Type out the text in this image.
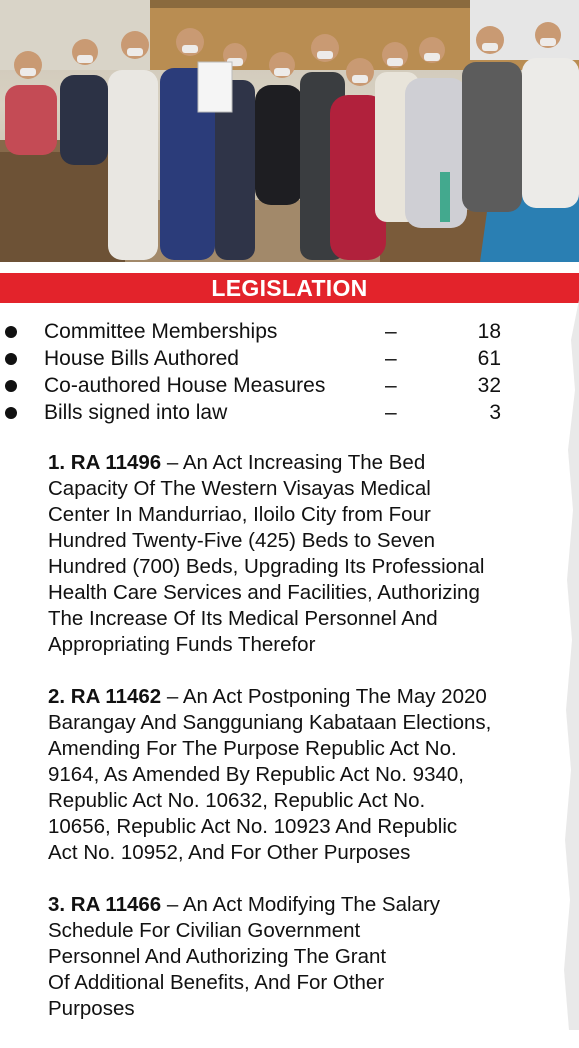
LEGISLATION
Committee Memberships	–	18
House Bills Authored	–	61
Co-authored House Measures	–	32
Bills signed into law	–	3
1. RA 11496 – An Act Increasing The Bed
Capacity Of The Western Visayas Medical
Center In Mandurriao, Iloilo City from Four
Hundred Twenty-Five (425) Beds to Seven
Hundred (700) Beds, Upgrading Its Professional
Health Care Services and Facilities, Authorizing
The Increase Of Its Medical Personnel And
Appropriating Funds Therefor
2. RA 11462 – An Act Postponing The May 2020
Barangay And Sangguniang Kabataan Elections,
Amending For The Purpose Republic Act No.
9164, As Amended By Republic Act No. 9340,
Republic Act No. 10632, Republic Act No.
10656, Republic Act No. 10923 And Republic
Act No. 10952, And For Other Purposes
3. RA 11466 – An Act Modifying The Salary
Schedule For Civilian Government
Personnel And Authorizing The Grant
Of Additional Benefits, And For Other
Purposes
